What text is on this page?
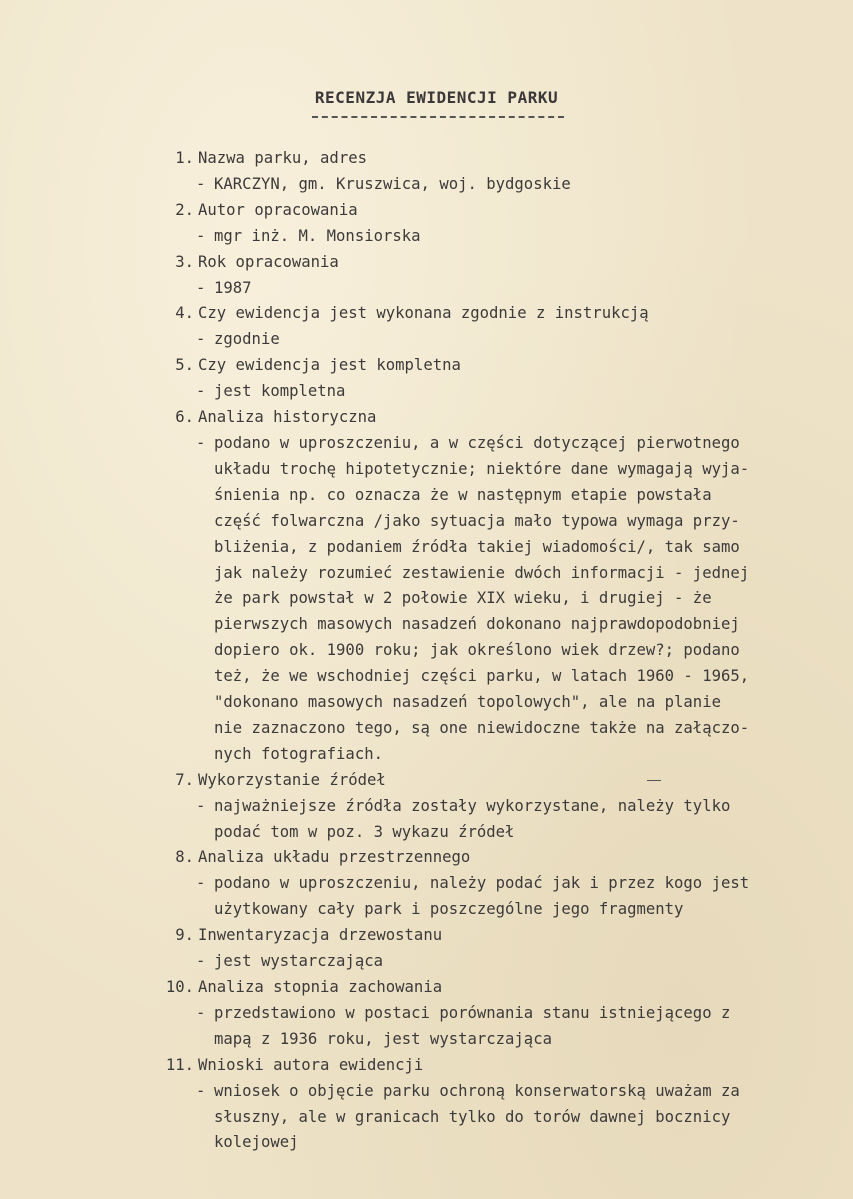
RECENZJA EWIDENCJI PARKU
1. Nazwa parku, adres
- KARCZYN, gm. Kruszwica, woj. bydgoskie
2. Autor opracowania
- mgr inż. M. Monsiorska
3. Rok opracowania
- 1987
4. Czy ewidencja jest wykonana zgodnie z instrukcją
- zgodnie
5. Czy ewidencja jest kompletna
- jest kompletna
6. Analiza historyczna
- podano w uproszczeniu, a w części dotyczącej pierwotnego
układu trochę hipotetycznie; niektóre dane wymagają wyja-
śnienia np. co oznacza że w następnym etapie powstała
część folwarczna /jako sytuacja mało typowa wymaga przy-
bliżenia, z podaniem źródła takiej wiadomości/, tak samo
jak należy rozumieć zestawienie dwóch informacji - jednej
że park powstał w 2 połowie XIX wieku, i drugiej - że
pierwszych masowych nasadzeń dokonano najprawdopodobniej
dopiero ok. 1900 roku; jak określono wiek drzew?; podano
też, że we wschodniej części parku, w latach 1960 - 1965,
"dokonano masowych nasadzeń topolowych", ale na planie
nie zaznaczono tego, są one niewidoczne także na załączo-
nych fotografiach.
7. Wykorzystanie źródeł
- najważniejsze źródła zostały wykorzystane, należy tylko
podać tom w poz. 3 wykazu źródeł
8. Analiza układu przestrzennego
- podano w uproszczeniu, należy podać jak i przez kogo jest
użytkowany cały park i poszczególne jego fragmenty
9. Inwentaryzacja drzewostanu
- jest wystarczająca
10. Analiza stopnia zachowania
- przedstawiono w postaci porównania stanu istniejącego z
mapą z 1936 roku, jest wystarczająca
11. Wnioski autora ewidencji
- wniosek o objęcie parku ochroną konserwatorską uważam za
słuszny, ale w granicach tylko do torów dawnej bocznicy
kolejowej
